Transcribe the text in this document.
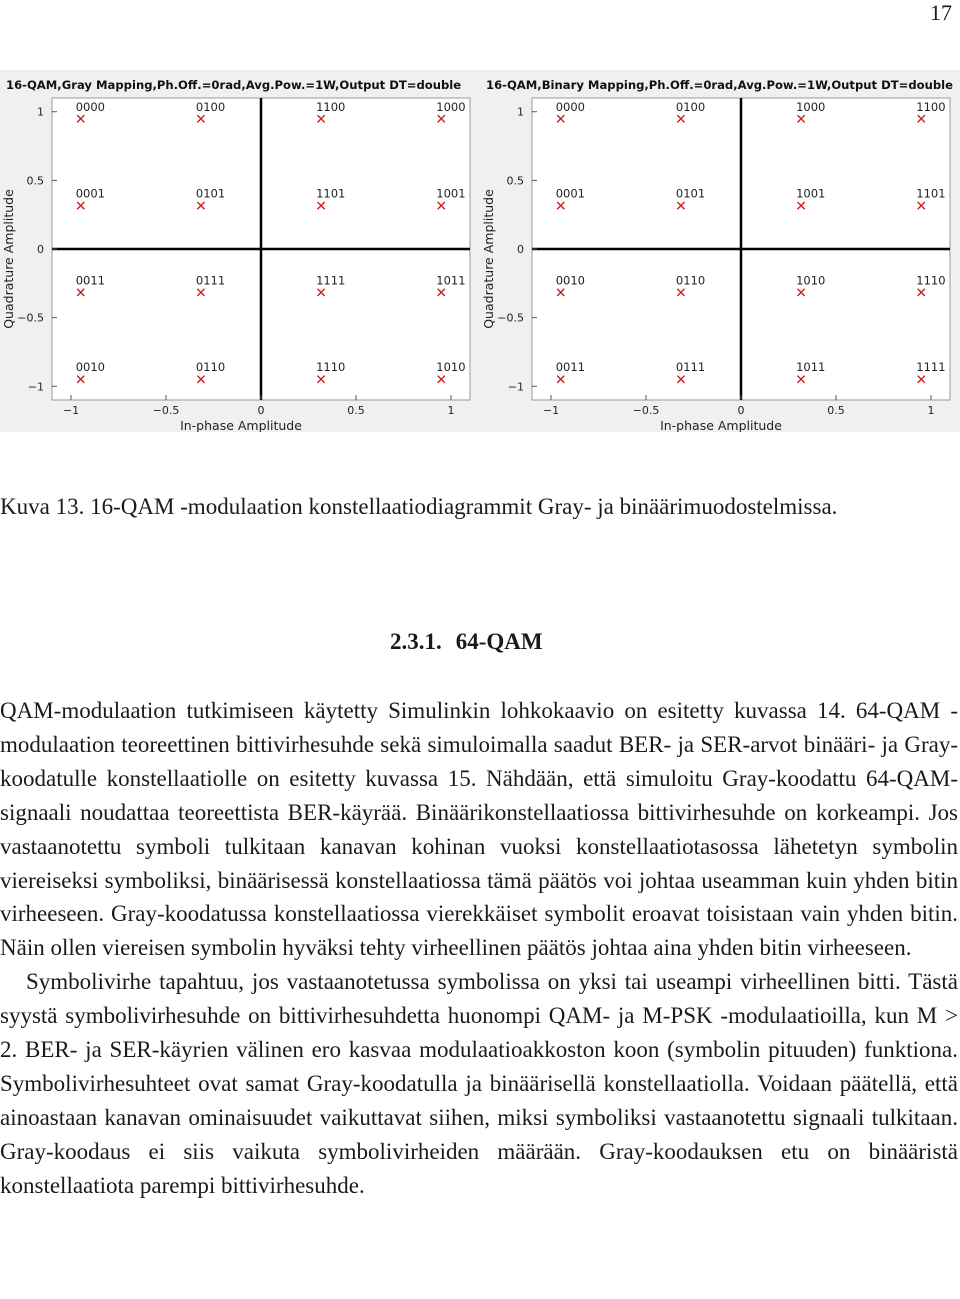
17
16-QAM,Gray Mapping,Ph.Off.=0rad,Avg.Pow.=1W,Output DT=double
−1
−0.5
0
0.5
1
−1	−0.5	0	0.5	1
In-phase Amplitude
Quadrature Amplitude
0000	0100	1100	1000
0001	0101	1101	1001
0011	0111	1111	1011
0010	0110	1110	1010
16-QAM,Binary Mapping,Ph.Off.=0rad,Avg.Pow.=1W,Output DT=double
−1
−0.5
0
0.5
1
−1	−0.5	0	0.5	1
In-phase Amplitude
Quadrature Amplitude
0000	0100	1000	1100
0001	0101	1001	1101
0010	0110	1010	1110
0011	0111	1011	1111
Kuva 13. 16-QAM -modulaation konstellaatiodiagrammit Gray- ja binäärimuodostelmissa.
2.3.1. 64-QAM

QAM-modulaation tutkimiseen käytetty Simulinkin lohkokaavio on esitetty kuvassa 14. 64-QAM -modulaation teoreettinen bittivirhesuhde sekä simuloimalla saadut BER- ja SER-arvot binääri- ja Gray-koodatulle konstellaatiolle on esitetty kuvassa 15. Nähdään, että simuloitu Gray-koodattu 64-QAM-signaali noudattaa teoreettista BER-käyrää. Binäärikonstellaatiossa bittivirhesuhde on korkeampi. Jos vastaanotettu symboli tulkitaan kanavan kohinan vuoksi konstellaatiotasossa lähetetyn symbolin viereiseksi symboliksi, binäärisessä konstellaatiossa tämä päätös voi johtaa useamman kuin yhden bitin virheeseen. Gray-koodatussa konstellaatiossa vierekkäiset symbolit eroavat toisistaan vain yhden bitin. Näin ollen viereisen symbolin hyväksi tehty virheellinen päätös johtaa aina yhden bitin virheeseen.

Symbolivirhe tapahtuu, jos vastaanotetussa symbolissa on yksi tai useampi virheellinen bitti. Tästä syystä symbolivirhesuhde on bittivirhesuhdetta huonompi QAM- ja M-PSK -modulaatioilla, kun M > 2. BER- ja SER-käyrien välinen ero kasvaa modulaatioakkoston koon (symbolin pituuden) funktiona. Symbolivirhesuhteet ovat samat Gray-koodatulla ja binäärisellä konstellaatiolla. Voidaan päätellä, että ainoastaan kanavan ominaisuudet vaikuttavat siihen, miksi symboliksi vastaanotettu signaali tulkitaan. Gray-koodaus ei siis vaikuta symbolivirheiden määrään. Gray-koodauksen etu on binääristä konstellaatiota parempi bittivirhesuhde.
